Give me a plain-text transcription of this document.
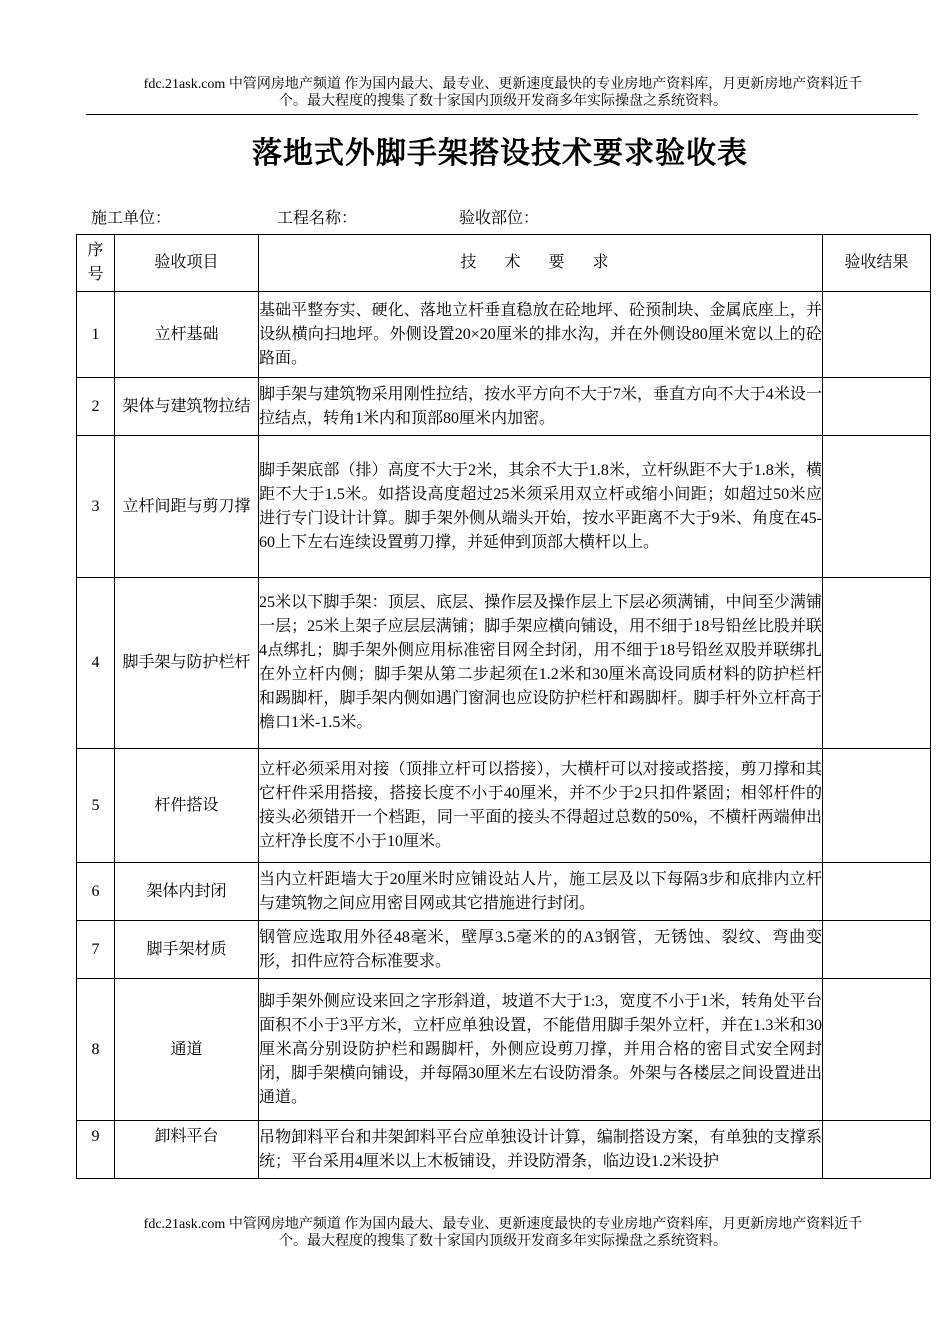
fdc.21ask.com 中管网房地产频道 作为国内最大、最专业、更新速度最快的专业房地产资料库，月更新房地产资料近千
个。最大程度的搜集了数十家国内顶级开发商多年实际操盘之系统资料。
落地式外脚手架搭设技术要求验收表
施工单位：	工程名称：	验收部位：
序
号	验收项目	技 术 要 求	验收结果
1	立杆基础	基础平整夯实、硬化、落地立杆垂直稳放在砼地坪、砼预制块、金属底座上，并设纵横向扫地坪。外侧设置20×20厘米的排水沟，并在外侧设80厘米宽以上的砼路面。	
2	架体与建筑物拉结	脚手架与建筑物采用刚性拉结，按水平方向不大于7米，垂直方向不大于4米设一拉结点，转角1米内和顶部80厘米内加密。	
3	立杆间距与剪刀撑	脚手架底部（排）高度不大于2米，其余不大于1.8米，立杆纵距不大于1.8米，横距不大于1.5米。如搭设高度超过25米须采用双立杆或缩小间距；如超过50米应进行专门设计计算。脚手架外侧从端头开始，按水平距离不大于9米、角度在45-60上下左右连续设置剪刀撑，并延伸到顶部大横杆以上。	
4	脚手架与防护栏杆	25米以下脚手架：顶层、底层、操作层及操作层上下层必须满铺，中间至少满铺一层；25米上架子应层层满铺；脚手架应横向铺设，用不细于18号铅丝比股并联4点绑扎；脚手架外侧应用标准密目网全封闭，用不细于18号铅丝双股并联绑扎在外立杆内侧；脚手架从第二步起须在1.2米和30厘米高设同质材料的防护栏杆和踢脚杆，脚手架内侧如遇门窗洞也应设防护栏杆和踢脚杆。脚手杆外立杆高于檐口1米-1.5米。	
5	杆件搭设	立杆必须采用对接（顶排立杆可以搭接），大横杆可以对接或搭接，剪刀撑和其它杆件采用搭接，搭接长度不小于40厘米，并不少于2只扣件紧固；相邻杆件的接头必须错开一个档距，同一平面的接头不得超过总数的50%，不横杆两端伸出立杆净长度不小于10厘米。	
6	架体内封闭	当内立杆距墙大于20厘米时应铺设站人片，施工层及以下每隔3步和底排内立杆与建筑物之间应用密目网或其它措施进行封闭。	
7	脚手架材质	钢管应选取用外径48毫米，壁厚3.5毫米的的A3钢管，无锈蚀、裂纹、弯曲变形，扣件应符合标准要求。	
8	通道	脚手架外侧应设来回之字形斜道，坡道不大于1:3，宽度不小于1米，转角处平台面积不小于3平方米，立杆应单独设置，不能借用脚手架外立杆，并在1.3米和30厘米高分别设防护栏和踢脚杆，外侧应设剪刀撑，并用合格的密目式安全网封闭，脚手架横向铺设，并每隔30厘米左右设防滑条。外架与各楼层之间设置进出通道。	
9	卸料平台	吊物卸料平台和井架卸料平台应单独设计计算，编制搭设方案，有单独的支撑系统；平台采用4厘米以上木板铺设，并设防滑条，临边设1.2米设护	
fdc.21ask.com 中管网房地产频道 作为国内最大、最专业、更新速度最快的专业房地产资料库，月更新房地产资料近千
个。最大程度的搜集了数十家国内顶级开发商多年实际操盘之系统资料。
